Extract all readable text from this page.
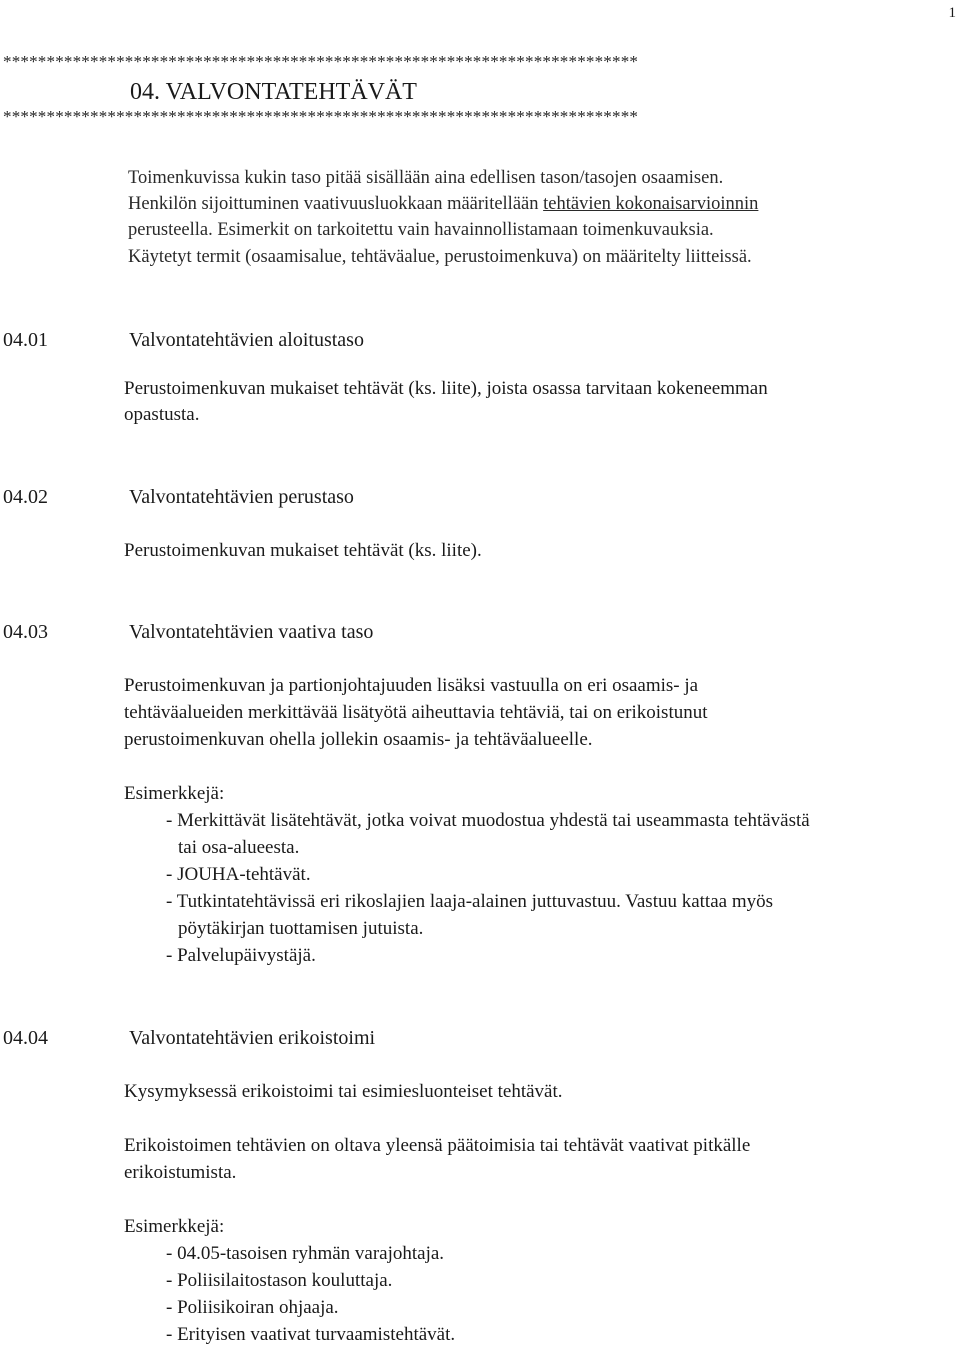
1
*************************************************************************
04. VALVONTATEHTÄVÄT
*************************************************************************
Toimenkuvissa kukin taso pitää sisällään aina edellisen tason/tasojen osaamisen.
Henkilön sijoittuminen vaativuusluokkaan määritellään tehtävien kokonaisarvioinnin
perusteella. Esimerkit on tarkoitettu vain havainnollistamaan toimenkuvauksia.
Käytetyt termit (osaamisalue, tehtäväalue, perustoimenkuva) on määritelty liitteissä.
04.01	Valvontatehtävien aloitustaso
Perustoimenkuvan mukaiset tehtävät (ks. liite), joista osassa tarvitaan kokeneemman
opastusta.
04.02	Valvontatehtävien perustaso
Perustoimenkuvan mukaiset tehtävät (ks. liite).
04.03	Valvontatehtävien vaativa taso
Perustoimenkuvan ja partionjohtajuuden lisäksi vastuulla on eri osaamis- ja
tehtäväalueiden merkittävää lisätyötä aiheuttavia tehtäviä, tai on erikoistunut
perustoimenkuvan ohella jollekin osaamis- ja tehtäväalueelle.
Esimerkkejä:
- Merkittävät lisätehtävät, jotka voivat muodostua yhdestä tai useammasta tehtävästä
tai osa-alueesta.
- JOUHA-tehtävät.
- Tutkintatehtävissä eri rikoslajien laaja-alainen juttuvastuu. Vastuu kattaa myös
pöytäkirjan tuottamisen jutuista.
- Palvelupäivystäjä.
04.04	Valvontatehtävien erikoistoimi
Kysymyksessä erikoistoimi tai esimiesluonteiset tehtävät.
Erikoistoimen tehtävien on oltava yleensä päätoimisia tai tehtävät vaativat pitkälle
erikoistumista.
Esimerkkejä:
- 04.05-tasoisen ryhmän varajohtaja.
- Poliisilaitostason kouluttaja.
- Poliisikoiran ohjaaja.
- Erityisen vaativat turvaamistehtävät.
